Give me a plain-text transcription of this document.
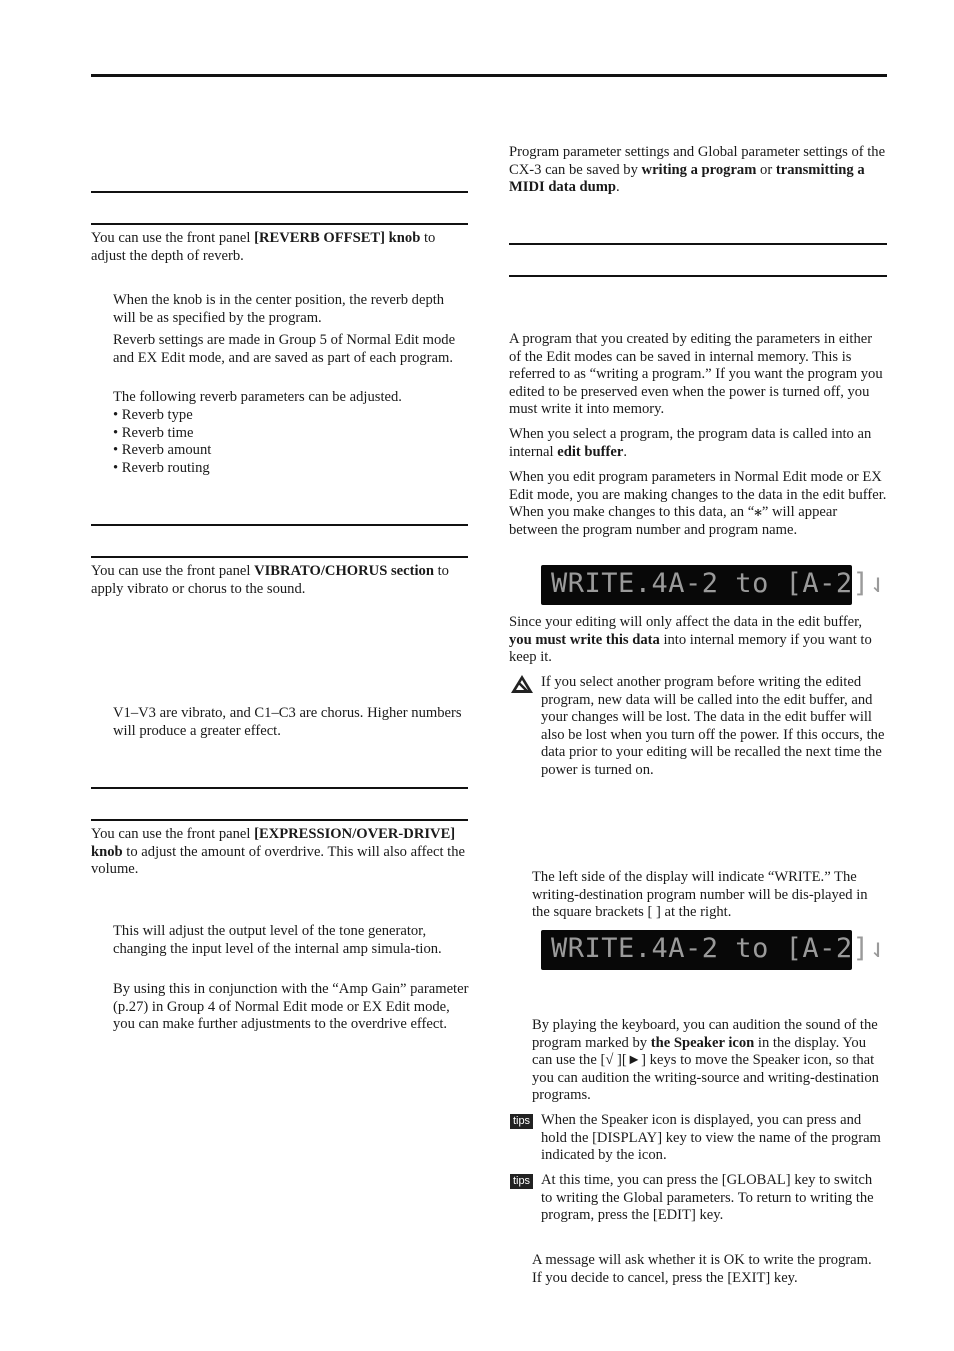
You can use the front panel [REVERB OFFSET] knob to adjust the depth of reverb.
When the knob is in the center position, the reverb depth will be as specified by the program.
Reverb settings are made in Group 5 of Normal Edit mode and EX Edit mode, and are saved as part of each program.
The following reverb parameters can be adjusted.
• Reverb type
• Reverb time
• Reverb amount
• Reverb routing
You can use the front panel VIBRATO/CHORUS section to apply vibrato or chorus to the sound.
V1–V3 are vibrato, and C1–C3 are chorus. Higher numbers will produce a greater effect.
You can use the front panel [EXPRESSION/OVER-DRIVE] knob to adjust the amount of overdrive. This will also affect the volume.
This will adjust the output level of the tone generator, changing the input level of the internal amp simula-tion.
By using this in conjunction with the “Amp Gain” parameter (p.27) in Group 4 of Normal Edit mode or EX Edit mode, you can make further adjustments to the overdrive effect.
Program parameter settings and Global parameter settings of the CX-3 can be saved by writing a program or transmitting a MIDI data dump.
A program that you created by editing the parameters in either of the Edit modes can be saved in internal memory. This is referred to as “writing a program.” If you want the program you edited to be preserved even when the power is turned off, you must write it into memory.
When you select a program, the program data is called into an internal edit buffer.
When you edit program parameters in Normal Edit mode or EX Edit mode, you are making changes to the data in the edit buffer. When you make changes to this data, an “⁎” will appear between the program number and program name.
WRITE.4A-2 to [A-2]⇃
Since your editing will only affect the data in the edit buffer, you must write this data into internal memory if you want to keep it.
If you select another program before writing the edited program, new data will be called into the edit buffer, and your changes will be lost. The data in the edit buffer will also be lost when you turn off the power. If this occurs, the data prior to your editing will be recalled the next time the power is turned on.
The left side of the display will indicate “WRITE.” The writing-destination program number will be dis-played in the square brackets [ ] at the right.
WRITE.4A-2 to [A-2]⇃
By playing the keyboard, you can audition the sound of the program marked by the Speaker icon in the display. You can use the [√ ][►] keys to move the Speaker icon, so that you can audition the writing-source and writing-destination programs.
tips When the Speaker icon is displayed, you can press and hold the [DISPLAY] key to view the name of the program indicated by the icon.
tips At this time, you can press the [GLOBAL] key to switch to writing the Global parameters. To return to writing the program, press the [EDIT] key.
A message will ask whether it is OK to write the program.
If you decide to cancel, press the [EXIT] key.
